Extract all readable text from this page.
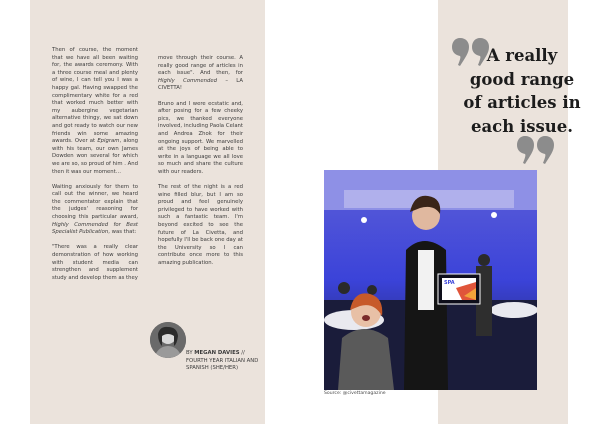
Then of course, the moment that we have all been waiting for, the awards ceremony. With a three course meal and plenty of wine, I can tell you I was a happy gal. Having swapped the complimentary white for a red that worked much better with my aubergine vegetarian alternative thingy, we sat down and got ready to watch our new friends win some amazing awards. Over at Epigram, along with his team, our own James Dowden won several for which we are so, so proud of him . And then it was our moment…

Waiting anxiously for them to call out the winner, we heard the commentator explain that the judges' reasoning for choosing this particular award, Highly Commended for Best Specialist Publication, was that:

"There was a really clear demonstration of how working with student media can strengthen and supplement study and develop them as they

move through their course. A really good range of articles in each issue". And then, for Highly Commended – LA CIVETTA!

Bruno and I were ecstatic and, after posing for a few cheeky pics, we thanked everyone involved, including Paola Celant and Andrea Zhok for their ongoing support. We marvelled at the joys of being able to write in a language we all love so much and share the culture with our readers.

The rest of the night is a red wine filled blur, but I am so proud and feel genuinely privileged to have worked with such a fantastic team. I'm beyond excited to see the future of La Civetta, and hopefully I'll be back one day at the University so I can contribute once more to this amazing publication.

BY MEGAN DAVIES // FOURTH YEAR ITALIAN AND SPANISH (SHE/HER)
A really good range of articles in each issue.
SPA
Source: @civettamagazine
